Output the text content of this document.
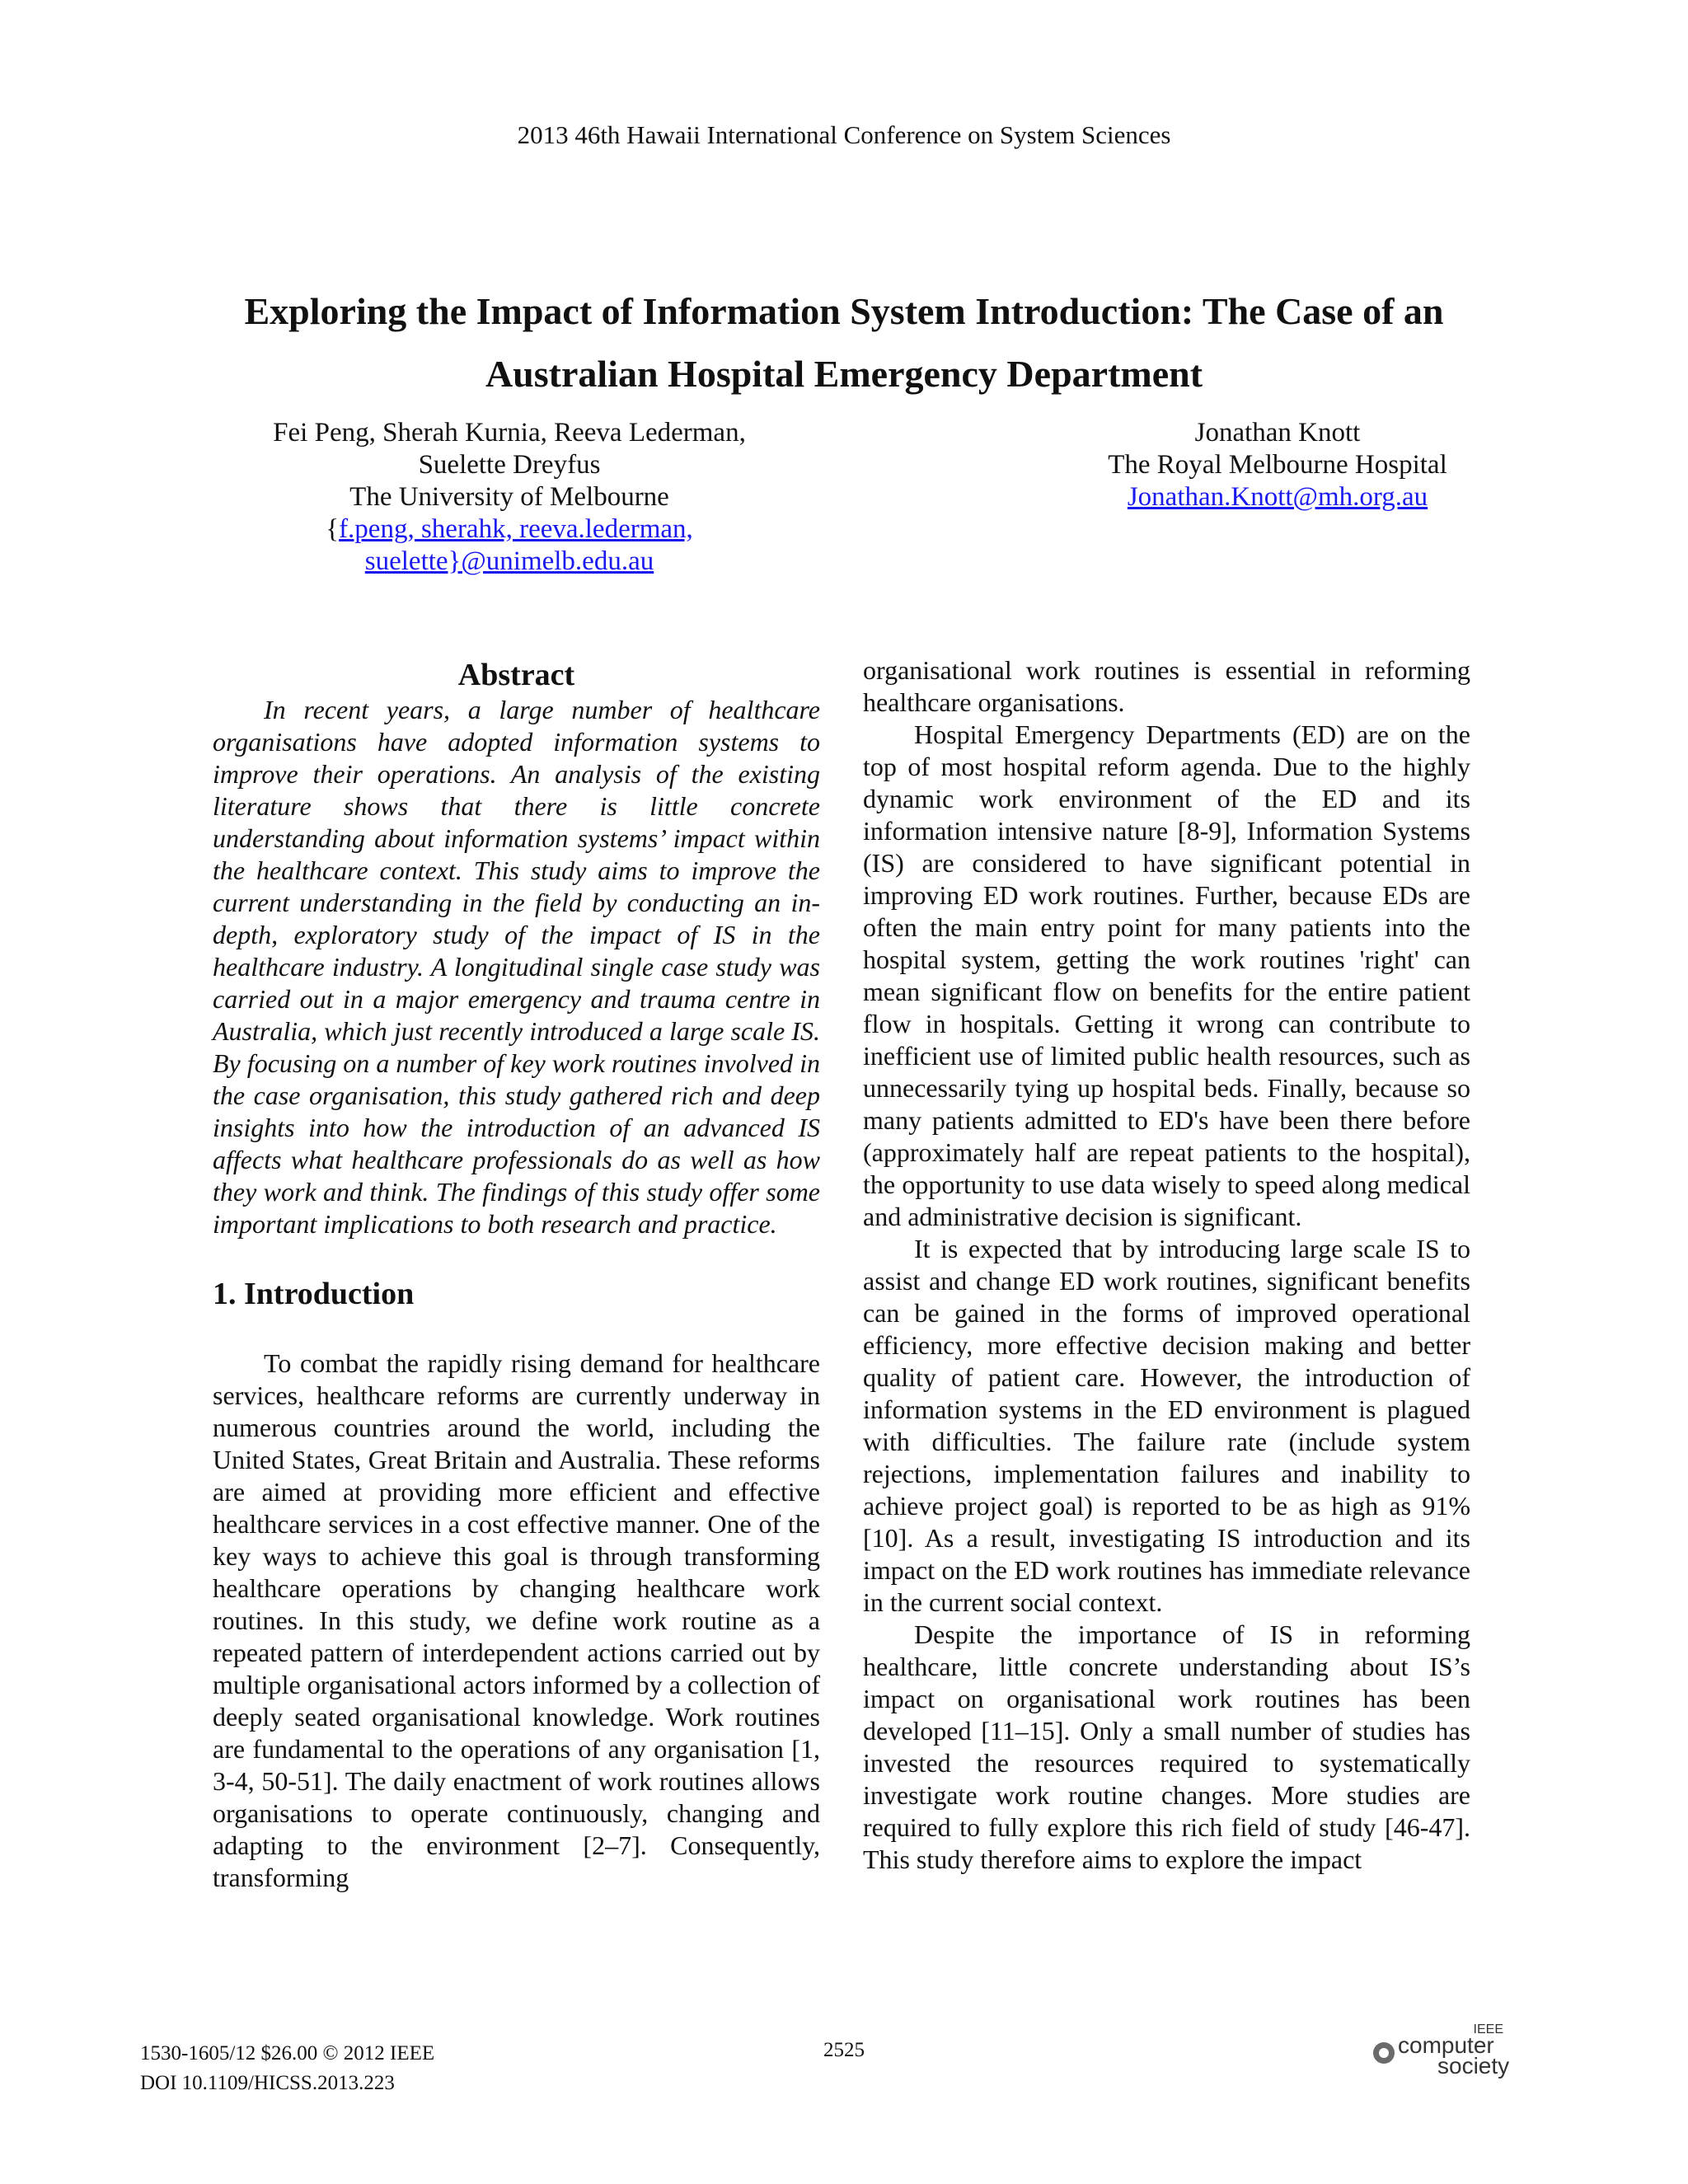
2013 46th Hawaii International Conference on System Sciences
Exploring the Impact of Information System Introduction: The Case of an
Australian Hospital Emergency Department
Fei Peng, Sherah Kurnia, Reeva Lederman,
Suelette Dreyfus
The University of Melbourne
{f.peng, sherahk, reeva.lederman,
suelette}@unimelb.edu.au
Jonathan Knott
The Royal Melbourne Hospital
Jonathan.Knott@mh.org.au
Abstract

In recent years, a large number of healthcare organisations have adopted information systems to improve their operations. An analysis of the existing literature shows that there is little concrete understanding about information systems’ impact within the healthcare context. This study aims to improve the current understanding in the field by conducting an in-depth, exploratory study of the impact of IS in the healthcare industry. A longitudinal single case study was carried out in a major emergency and trauma centre in Australia, which just recently introduced a large scale IS. By focusing on a number of key work routines involved in the case organisation, this study gathered rich and deep insights into how the introduction of an advanced IS affects what healthcare professionals do as well as how they work and think. The findings of this study offer some important implications to both research and practice.

1. Introduction

To combat the rapidly rising demand for healthcare services, healthcare reforms are currently underway in numerous countries around the world, including the United States, Great Britain and Australia. These reforms are aimed at providing more efficient and effective healthcare services in a cost effective manner. One of the key ways to achieve this goal is through transforming healthcare operations by changing healthcare work routines. In this study, we define work routine as a repeated pattern of interdependent actions carried out by multiple organisational actors informed by a collection of deeply seated organisational knowledge. Work routines are fundamental to the operations of any organisation [1, 3-4, 50-51]. The daily enactment of work routines allows organisations to operate continuously, changing and adapting to the environment [2–7]. Consequently, transforming

organisational work routines is essential in reforming healthcare organisations.

Hospital Emergency Departments (ED) are on the top of most hospital reform agenda. Due to the highly dynamic work environment of the ED and its information intensive nature [8-9], Information Systems (IS) are considered to have significant potential in improving ED work routines. Further, because EDs are often the main entry point for many patients into the hospital system, getting the work routines 'right' can mean significant flow on benefits for the entire patient flow in hospitals. Getting it wrong can contribute to inefficient use of limited public health resources, such as unnecessarily tying up hospital beds. Finally, because so many patients admitted to ED's have been there before (approximately half are repeat patients to the hospital), the opportunity to use data wisely to speed along medical and administrative decision is significant.

It is expected that by introducing large scale IS to assist and change ED work routines, significant benefits can be gained in the forms of improved operational efficiency, more effective decision making and better quality of patient care. However, the introduction of information systems in the ED environment is plagued with difficulties. The failure rate (include system rejections, implementation failures and inability to achieve project goal) is reported to be as high as 91% [10]. As a result, investigating IS introduction and its impact on the ED work routines has immediate relevance in the current social context.

Despite the importance of IS in reforming healthcare, little concrete understanding about IS’s impact on organisational work routines has been developed [11–15]. Only a small number of studies has invested the resources required to systematically investigate work routine changes. More studies are required to fully explore this rich field of study [46-47]. This study therefore aims to explore the impact

1530-1605/12 $26.00 © 2012 IEEE
DOI 10.1109/HICSS.2013.223
2525
IEEE
computer
society
